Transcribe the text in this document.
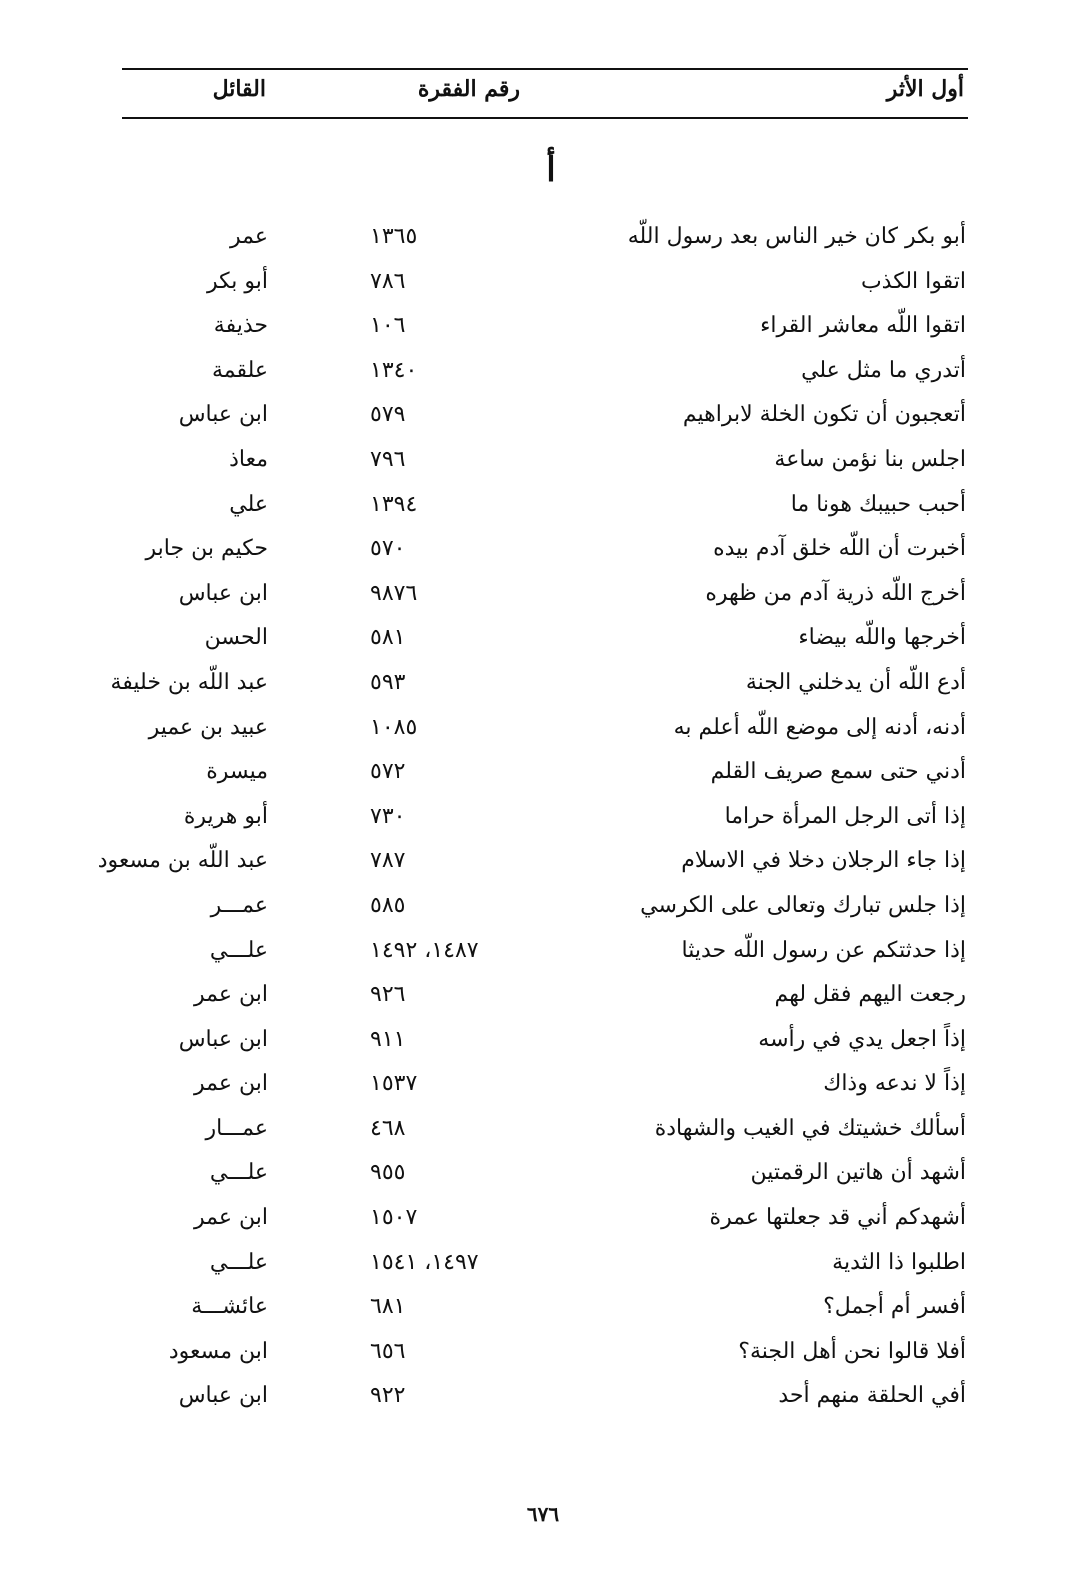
أول الأثر
رقم الفقرة
القائل
أ
أبو بكر كان خير الناس بعد رسول اللّه
١٣٦٥
عمر
اتقوا الكذب
٧٨٦
أبو بكر
اتقوا اللّه معاشر القراء
١٠٦
حذيفة
أتدري ما مثل علي
١٣٤٠
علقمة
أتعجبون أن تكون الخلة لابراهيم
٥٧٩
ابن عباس
اجلس بنا نؤمن ساعة
٧٩٦
معاذ
أحبب حبيبك هونا ما
١٣٩٤
علي
أخبرت أن اللّه خلق آدم بيده
٥٧٠
حكيم بن جابر
أخرج اللّه ذرية آدم من ظهره
٩٨٧٦
ابن عباس
أخرجها واللّه بيضاء
٥٨١
الحسن
أدع اللّه أن يدخلني الجنة
٥٩٣
عبد اللّه بن خليفة
أدنه، أدنه إلى موضع اللّه أعلم به
١٠٨٥
عبيد بن عمير
أدني حتى سمع صريف القلم
٥٧٢
ميسرة
إذا أتى الرجل المرأة حراما
٧٣٠
أبو هريرة
إذا جاء الرجلان دخلا في الاسلام
٧٨٧
عبد اللّه بن مسعود
إذا جلس تبارك وتعالى على الكرسي
٥٨٥
عمـــر
إذا حدثتكم عن رسول اللّه حديثا
١٤٨٧، ١٤٩٢
علـــي
رجعت اليهم فقل لهم
٩٢٦
ابن عمر
إذاً اجعل يدي في رأسه
٩١١
ابن عباس
إذاً لا ندعه وذاك
١٥٣٧
ابن عمر
أسألك خشيتك في الغيب والشهادة
٤٦٨
عمـــار
أشهد أن هاتين الرقمتين
٩٥٥
علـــي
أشهدكم أني قد جعلتها عمرة
١٥٠٧
ابن عمر
اطلبوا ذا الثدية
١٤٩٧، ١٥٤١
علـــي
أفسر أم أجمل؟
٦٨١
عائشـــة
أفلا قالوا نحن أهل الجنة؟
٦٥٦
ابن مسعود
أفي الحلقة منهم أحد
٩٢٢
ابن عباس
٦٧٦
